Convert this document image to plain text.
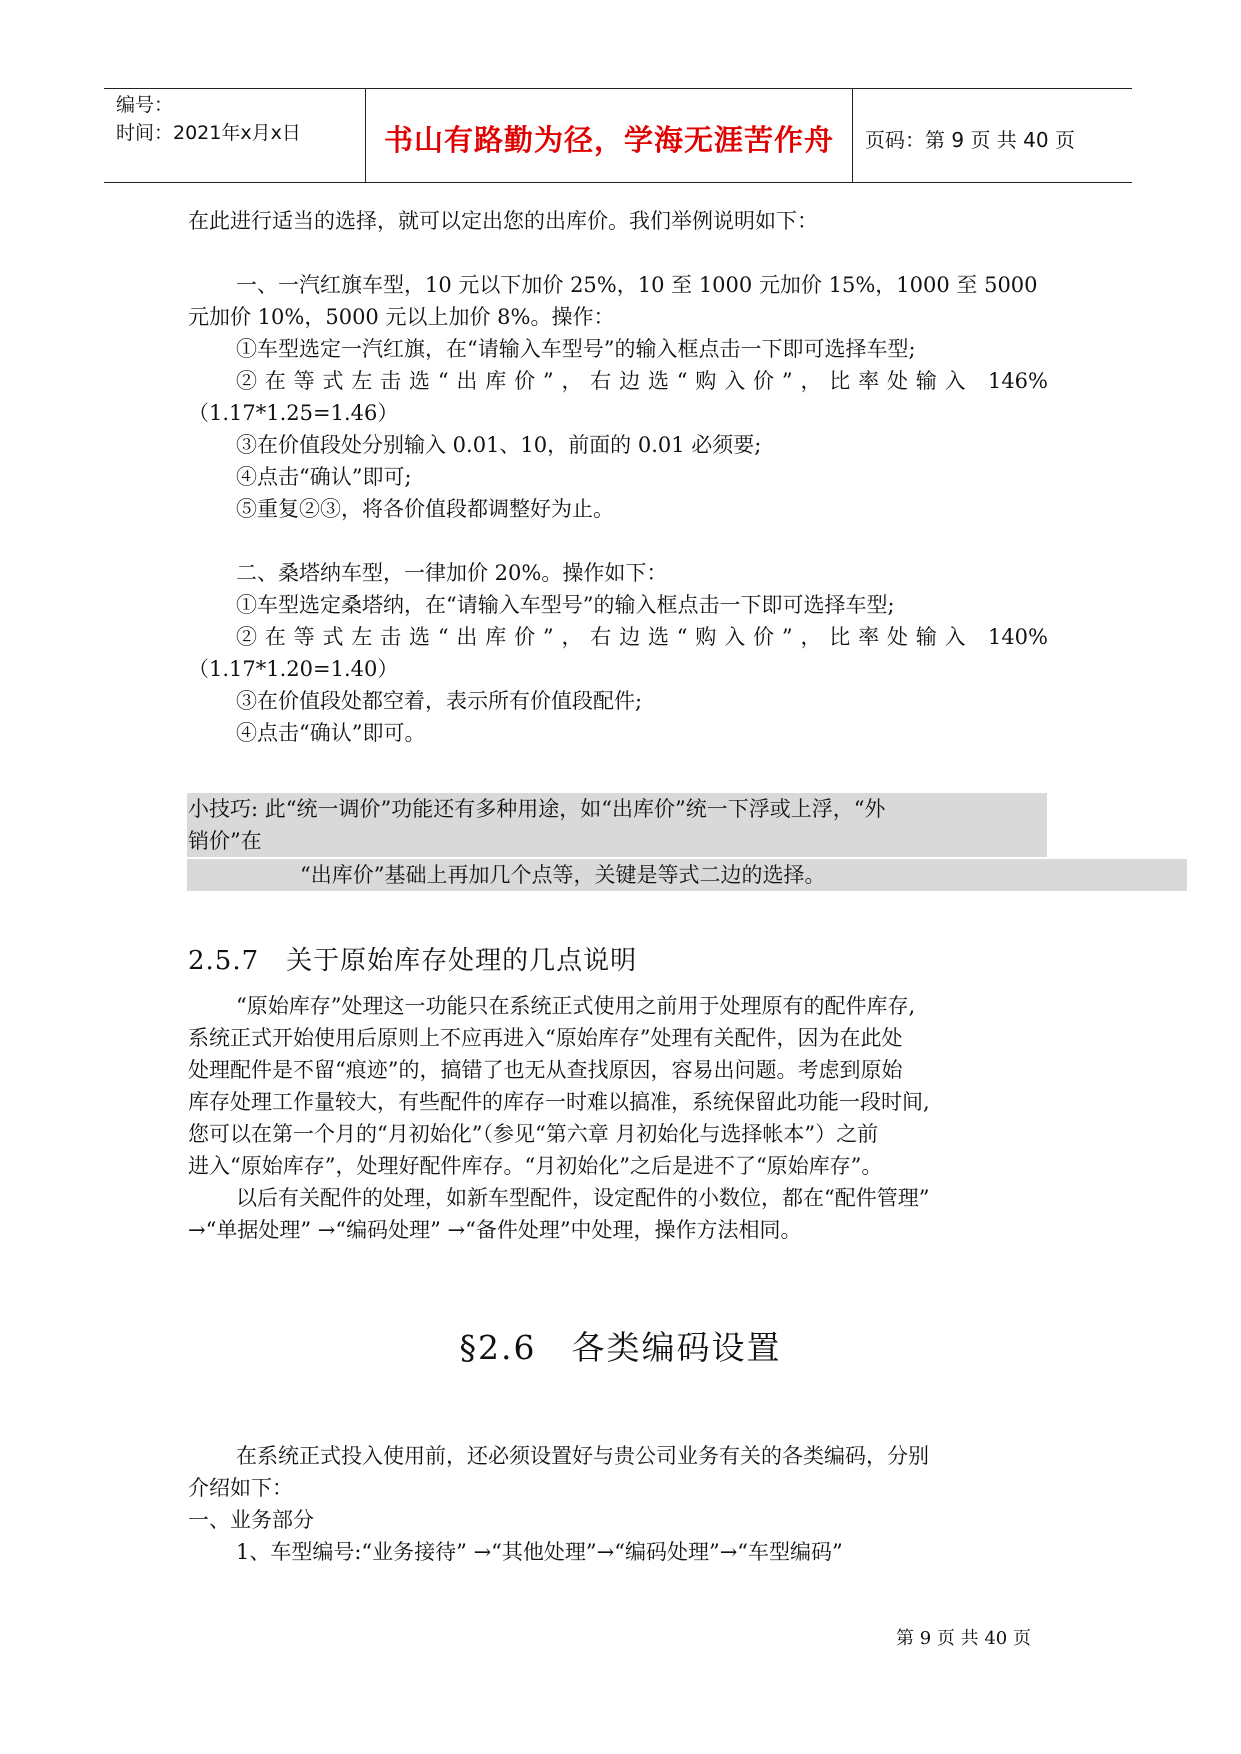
编号：
时间：2021年x月x日	书山有路勤为径，学海无涯苦作舟	页码：第 9 页 共 40 页

在此进行适当的选择，就可以定出您的出库价。我们举例说明如下：

一、一汽红旗车型，10 元以下加价 25%，10 至 1000 元加价 15%，1000 至 5000

元加价 10%，5000 元以上加价 8%。操作：

①车型选定一汽红旗，在“请输入车型号”的输入框点击一下即可选择车型;

②在等式左击选“出库价”，右边选“购入价”，比率处输入 146%

（1.17*1.25=1.46）

③在价值段处分别输入 0.01、10，前面的 0.01 必须要;

④点击“确认”即可;

⑤重复②③，将各价值段都调整好为止。

二、桑塔纳车型，一律加价 20%。操作如下：

①车型选定桑塔纳，在“请输入车型号”的输入框点击一下即可选择车型;

②在等式左击选“出库价”，右边选“购入价”，比率处输入 140%

（1.17*1.20=1.40）

③在价值段处都空着，表示所有价值段配件;

④点击“确认”即可。

小技巧: 此“统一调价”功能还有多种用途，如“出库价”统一下浮或上浮，“外

销价”在

“出库价”基础上再加几个点等，关键是等式二边的选择。
2.5.7　关于原始库存处理的几点说明

“原始库存”处理这一功能只在系统正式使用之前用于处理原有的配件库存,

系统正式开始使用后原则上不应再进入“原始库存”处理有关配件，因为在此处

处理配件是不留“痕迹”的，搞错了也无从查找原因，容易出问题。考虑到原始

库存处理工作量较大，有些配件的库存一时难以搞准，系统保留此功能一段时间,

您可以在第一个月的“月初始化”（参见“第六章 月初始化与选择帐本”）之前

进入“原始库存”，处理好配件库存。“月初始化”之后是进不了“原始库存”。

以后有关配件的处理，如新车型配件，设定配件的小数位，都在“配件管理”

→“单据处理” →“编码处理” →“备件处理”中处理，操作方法相同。

§2.6　各类编码设置

在系统正式投入使用前，还必须设置好与贵公司业务有关的各类编码，分别

介绍如下：

一、业务部分

1、车型编号:“业务接待” →“其他处理”→“编码处理”→“车型编码”

第 9 页 共 40 页
